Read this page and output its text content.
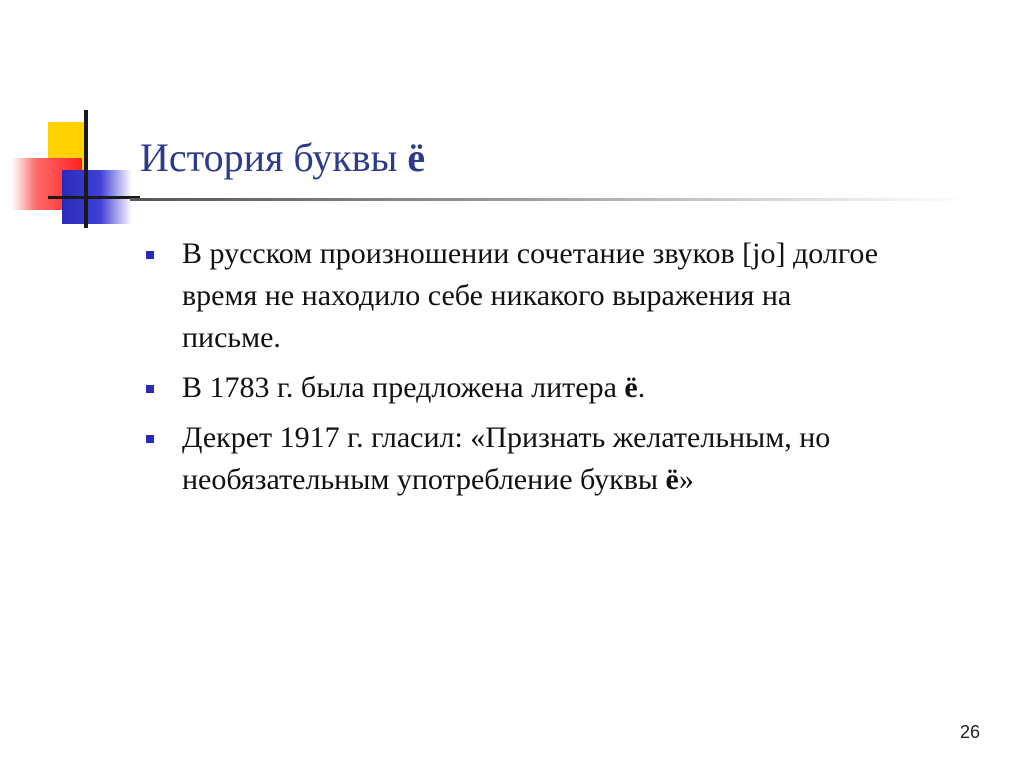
История буквы ё
В русском произношении сочетание звуков [jo] долгое
время не находило себе никакого выражения на
письме.
В 1783 г. была предложена литера ё.
Декрет 1917 г. гласил: «Признать желательным, но
необязательным употребление буквы ё»
26
